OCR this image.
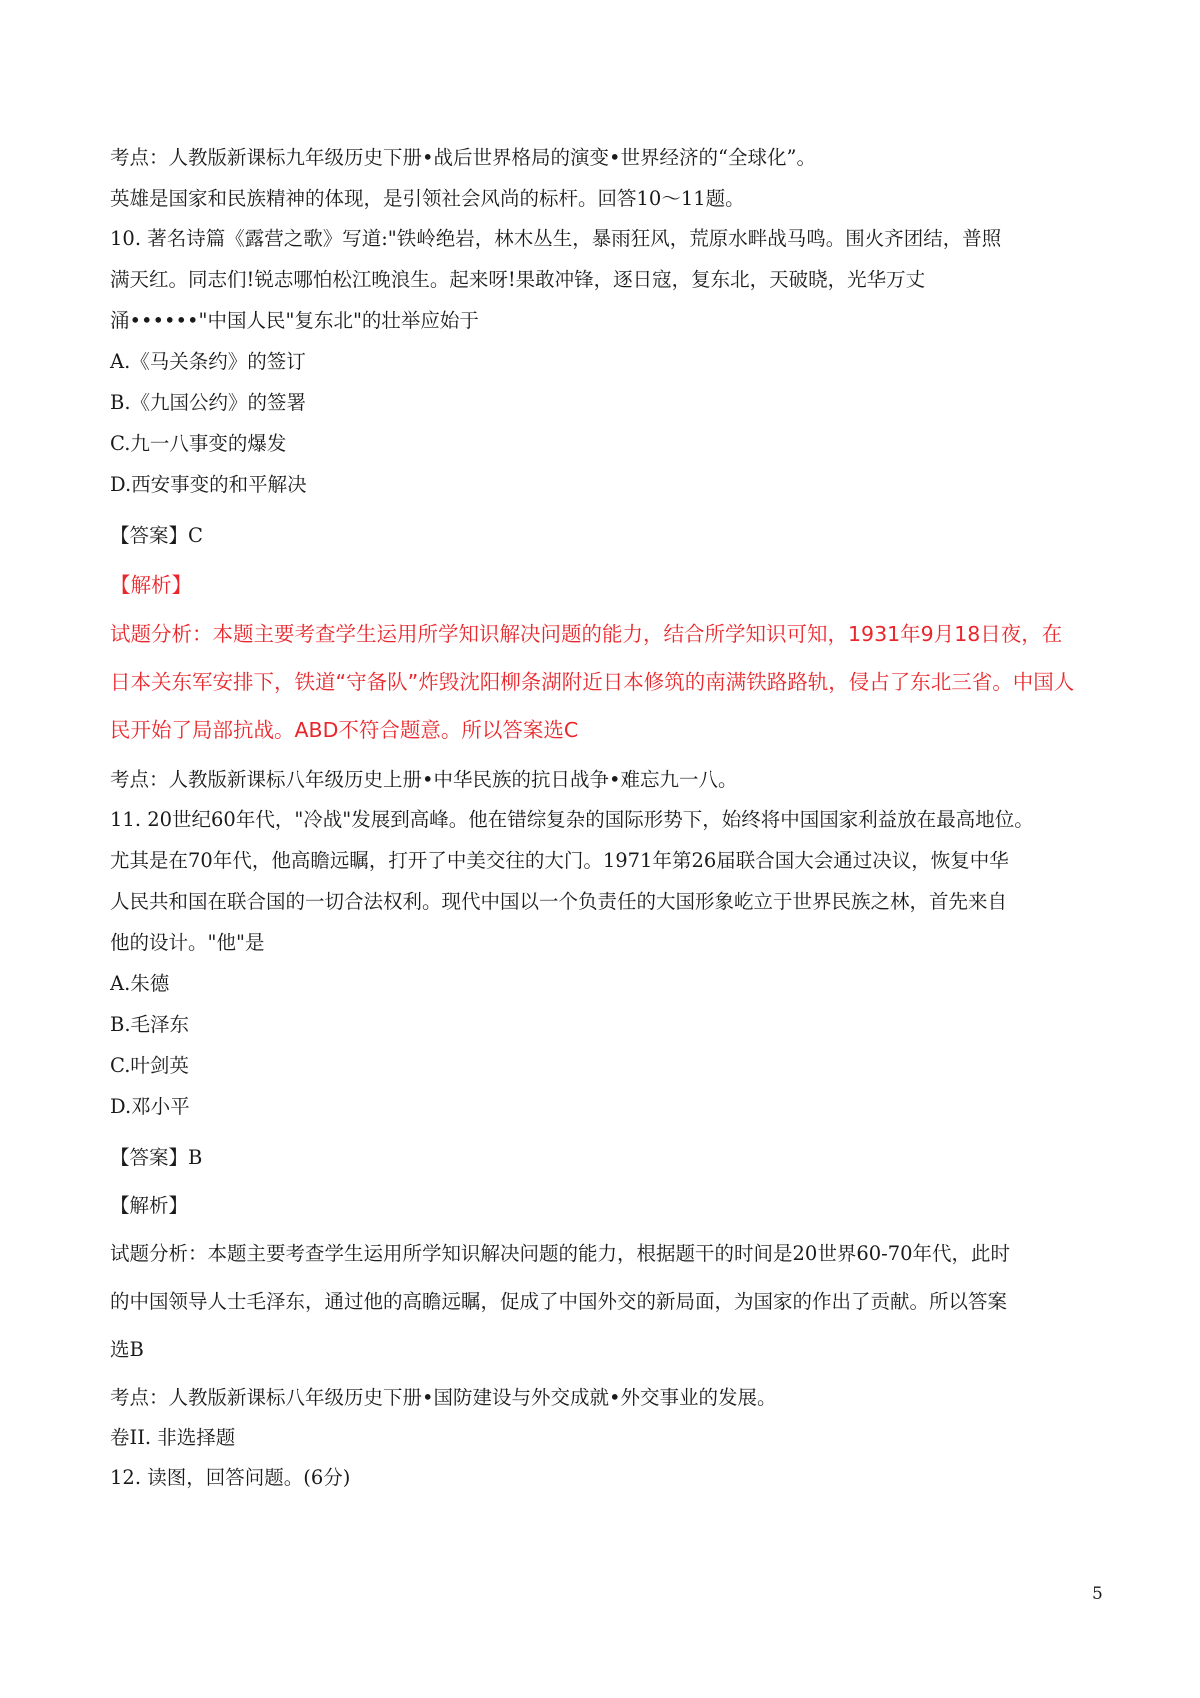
考点：人教版新课标九年级历史下册•战后世界格局的演变•世界经济的“全球化”。
英雄是国家和民族精神的体现，是引领社会风尚的标杆。回答10～11题。
10. 著名诗篇《露营之歌》写道:"铁岭绝岩，林木丛生，暴雨狂风，荒原水畔战马鸣。围火齐团结，普照
满天红。同志们!锐志哪怕松江晚浪生。起来呀!果敢冲锋，逐日寇，复东北，天破晓，光华万丈
涌••••••"中国人民"复东北"的壮举应始于
A.《马关条约》的签订
B.《九国公约》的签署
C.九一八事变的爆发
D.西安事变的和平解决
【答案】C
【解析】
试题分析：本题主要考查学生运用所学知识解决问题的能力，结合所学知识可知，1931年9月18日夜，在
日本关东军安排下，铁道“守备队”炸毁沈阳柳条湖附近日本修筑的南满铁路路轨，侵占了东北三省。中国人
民开始了局部抗战。ABD不符合题意。所以答案选C
考点：人教版新课标八年级历史上册•中华民族的抗日战争•难忘九一八。
11. 20世纪60年代，"冷战"发展到高峰。他在错综复杂的国际形势下，始终将中国国家利益放在最高地位。
尤其是在70年代，他高瞻远瞩，打开了中美交往的大门。1971年第26届联合国大会通过决议，恢复中华
人民共和国在联合国的一切合法权利。现代中国以一个负责任的大国形象屹立于世界民族之林，首先来自
他的设计。"他"是
A.朱德
B.毛泽东
C.叶剑英
D.邓小平
【答案】B
【解析】
试题分析：本题主要考查学生运用所学知识解决问题的能力，根据题干的时间是20世界60-70年代，此时
的中国领导人士毛泽东，通过他的高瞻远瞩，促成了中国外交的新局面，为国家的作出了贡献。所以答案
选B
考点：人教版新课标八年级历史下册•国防建设与外交成就•外交事业的发展。
卷II. 非选择题
12. 读图，回答问题。(6分)
5
